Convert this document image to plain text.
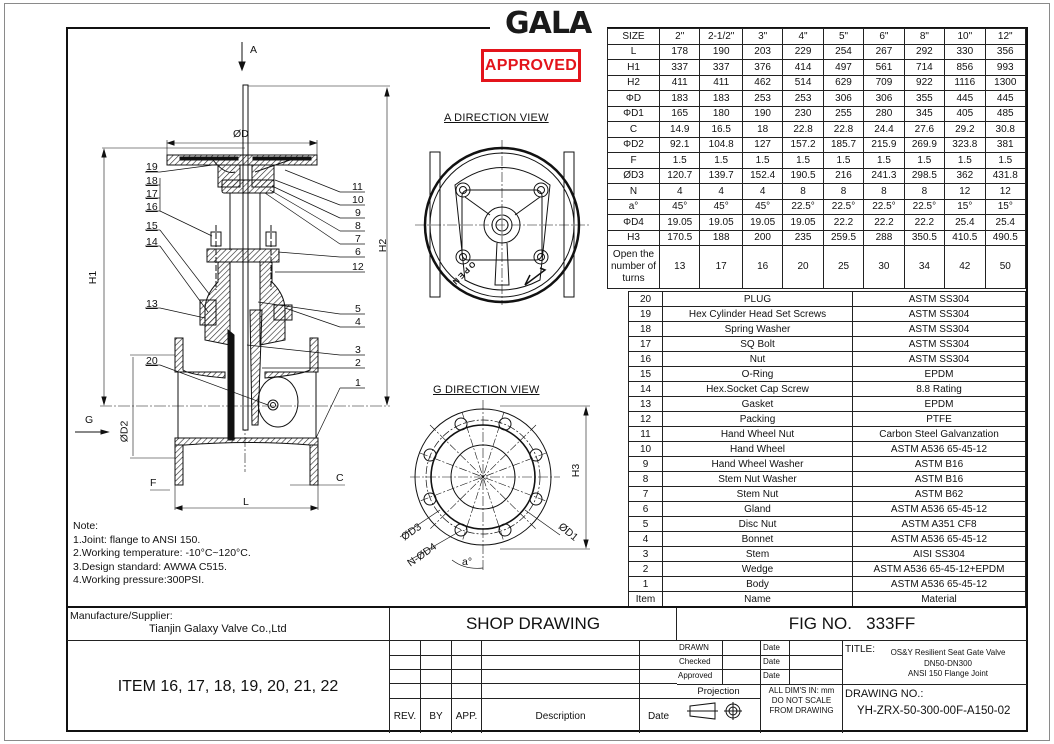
GALA
APPROVED
A
ØD
H1
H2
G
ØD2
F	C
L
19
18
17
16
15
14
13
20
11
10
9
8
7
6
12
5
4
3
2
1
A DIRECTION VIEW
G DIRECTION VIEW
OPEN
H3
ØD3
N-ØD4 a°
ØD1
SIZE	2"	2-1/2"	3"	4"	5"	6"	8"	10"	12"
L	178	190	203	229	254	267	292	330	356
H1	337	337	376	414	497	561	714	856	993
H2	411	411	462	514	629	709	922	1116	1300
ΦD	183	183	253	253	306	306	355	445	445
ΦD1	165	180	190	230	255	280	345	405	485
C	14.9	16.5	18	22.8	22.8	24.4	27.6	29.2	30.8
ΦD2	92.1	104.8	127	157.2	185.7	215.9	269.9	323.8	381
F	1.5	1.5	1.5	1.5	1.5	1.5	1.5	1.5	1.5
ØD3	120.7	139.7	152.4	190.5	216	241.3	298.5	362	431.8
N	4	4	4	8	8	8	8	12	12
a°	45°	45°	45°	22.5°	22.5°	22.5°	22.5°	15°	15°
ΦD4	19.05	19.05	19.05	19.05	22.2	22.2	22.2	25.4	25.4
H3	170.5	188	200	235	259.5	288	350.5	410.5	490.5
Open the number of turns	13	17	16	20	25	30	34	42	50
20	PLUG	ASTM SS304
19	Hex Cylinder Head Set Screws	ASTM SS304
18	Spring Washer	ASTM SS304
17	SQ Bolt	ASTM SS304
16	Nut	ASTM SS304
15	O-Ring	EPDM
14	Hex.Socket Cap Screw	8.8 Rating
13	Gasket	EPDM
12	Packing	PTFE
11	Hand Wheel Nut	Carbon Steel Galvanzation
10	Hand Wheel	ASTM A536 65-45-12
9	Hand Wheel Washer	ASTM B16
8	Stem Nut Washer	ASTM B16
7	Stem Nut	ASTM B62
6	Gland	ASTM A536 65-45-12
5	Disc Nut	ASTM A351 CF8
4	Bonnet	ASTM A536 65-45-12
3	Stem	AISI SS304
2	Wedge	ASTM A536 65-45-12+EPDM
1	Body	ASTM A536 65-45-12
Item	Name	Material
Note:
1.Joint: flange to ANSI 150.
2.Working temperature: -10°C~120°C.
3.Design standard: AWWA C515.
4.Working pressure:300PSI.
Manufacture/Supplier:
Tianjin Galaxy Valve Co.,Ltd
ITEM 16, 17, 18, 19, 20, 21, 22
SHOP DRAWING
REV.	BY	APP.	Description	Date
FIG NO.   333FF
DRAWN
Checked
Approved
Date
Date
Date
Projection	ALL DIM'S IN: mm
DO NOT SCALE
FROM DRAWING
TITLE:	OS&Y Resilient Seat Gate Valve
DN50-DN300
ANSI 150 Flange Joint
DRAWING NO.:
YH-ZRX-50-300-00F-A150-02
